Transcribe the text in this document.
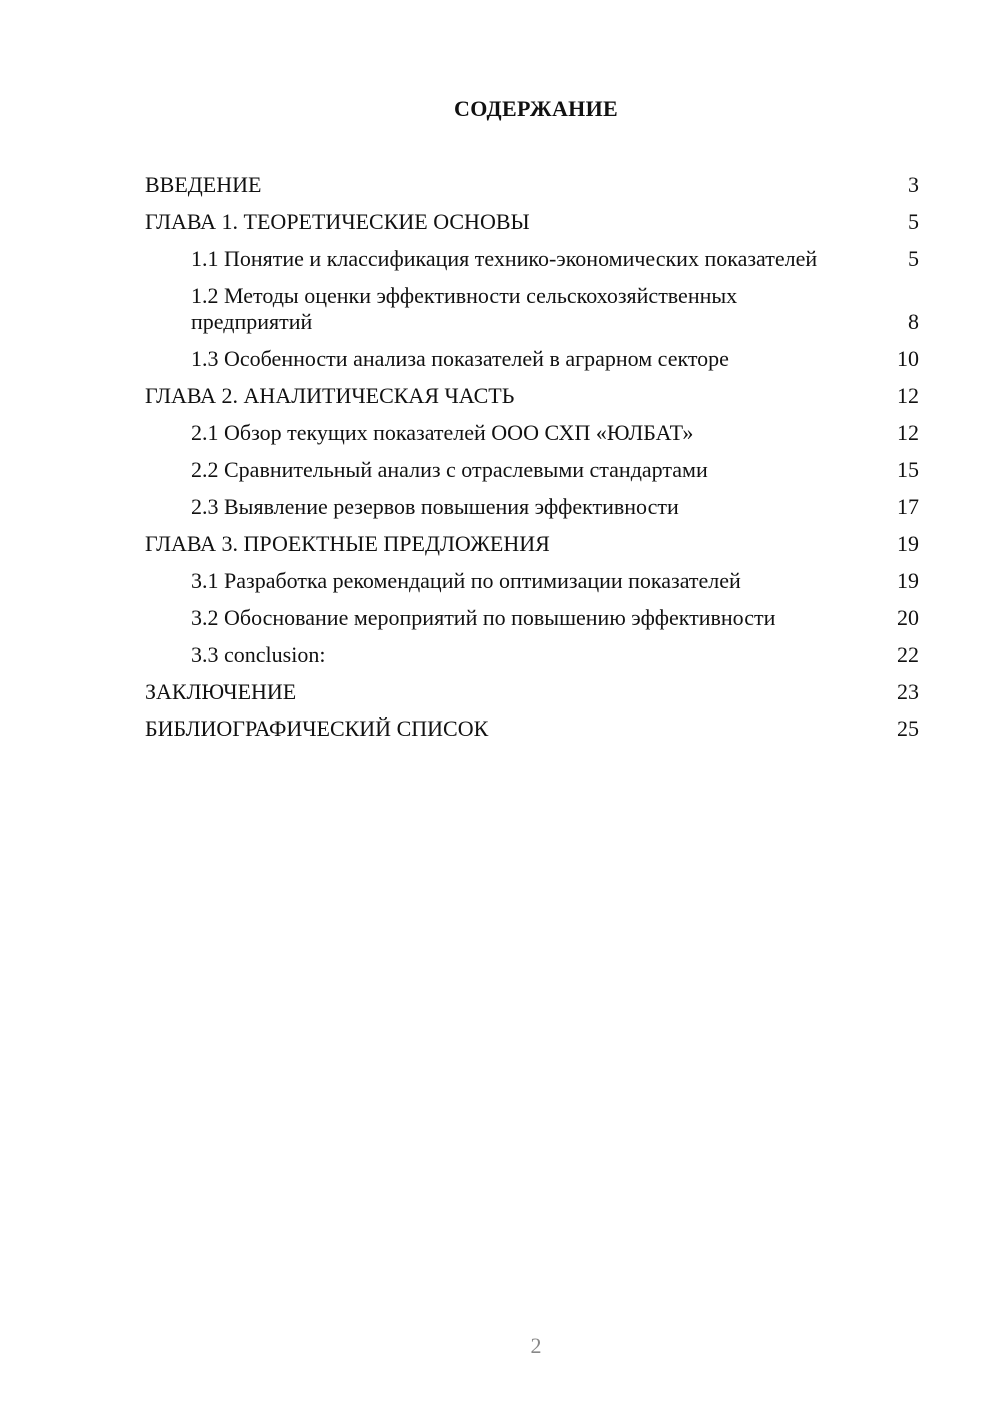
СОДЕРЖАНИЕ
ВВЕДЕНИЕ	3
ГЛАВА 1. ТЕОРЕТИЧЕСКИЕ ОСНОВЫ	5
1.1 Понятие и классификация технико-экономических показателей	5
1.2 Методы оценки эффективности сельскохозяйственных предприятий	8
1.3 Особенности анализа показателей в аграрном секторе	10
ГЛАВА 2. АНАЛИТИЧЕСКАЯ ЧАСТЬ	12
2.1 Обзор текущих показателей ООО СХП «ЮЛБАТ»	12
2.2 Сравнительный анализ с отраслевыми стандартами	15
2.3 Выявление резервов повышения эффективности	17
ГЛАВА 3. ПРОЕКТНЫЕ ПРЕДЛОЖЕНИЯ	19
3.1 Разработка рекомендаций по оптимизации показателей	19
3.2 Обоснование мероприятий по повышению эффективности	20
3.3 conclusion:	22
ЗАКЛЮЧЕНИЕ	23
БИБЛИОГРАФИЧЕСКИЙ СПИСОК	25
2
